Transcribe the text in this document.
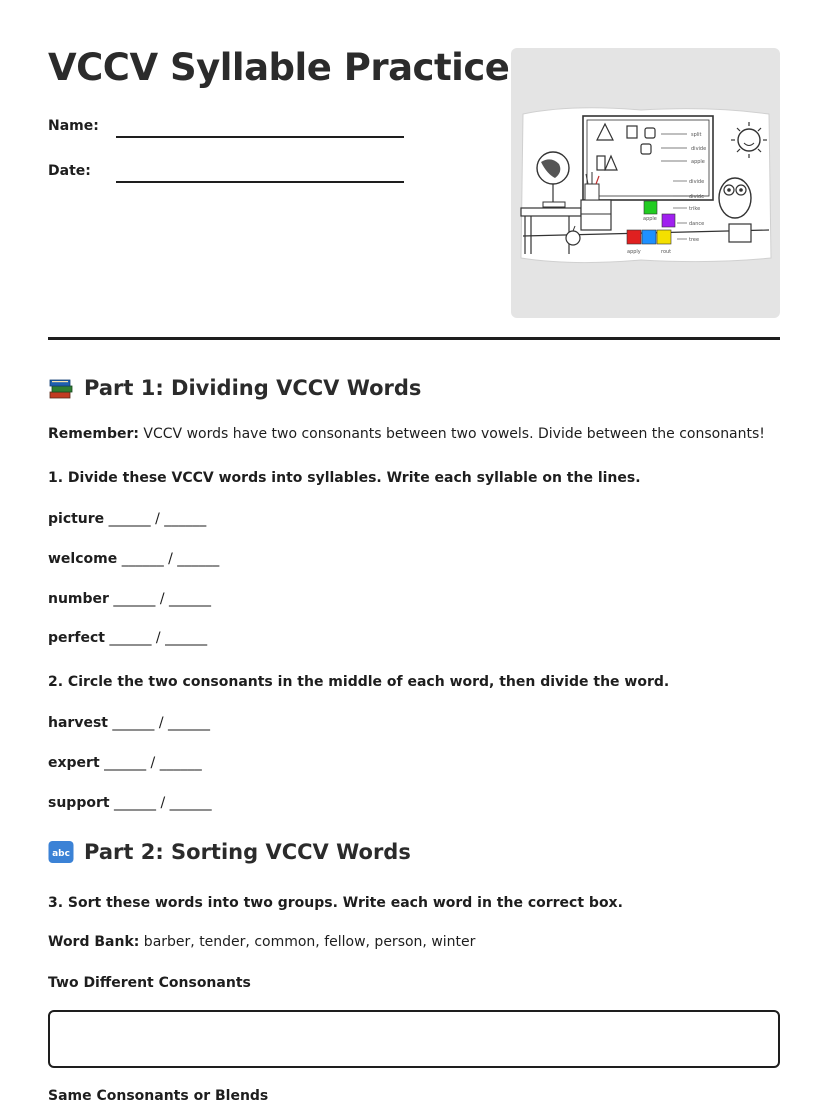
VCCV Syllable Practice
Name:
Date:
split
divide
apple
divide
divide
trike
apple
dance
tree
apply	rout
Part 1: Dividing VCCV Words
Remember: VCCV words have two consonants between two vowels. Divide between the consonants!
1. Divide these VCCV words into syllables. Write each syllable on the lines.
picture ______ / ______
welcome ______ / ______
number ______ / ______
perfect ______ / ______
2. Circle the two consonants in the middle of each word, then divide the word.
harvest ______ / ______
expert ______ / ______
support ______ / ______
abc Part 2: Sorting VCCV Words
3. Sort these words into two groups. Write each word in the correct box.
Word Bank: barber, tender, common, fellow, person, winter
Two Different Consonants
Same Consonants or Blends
